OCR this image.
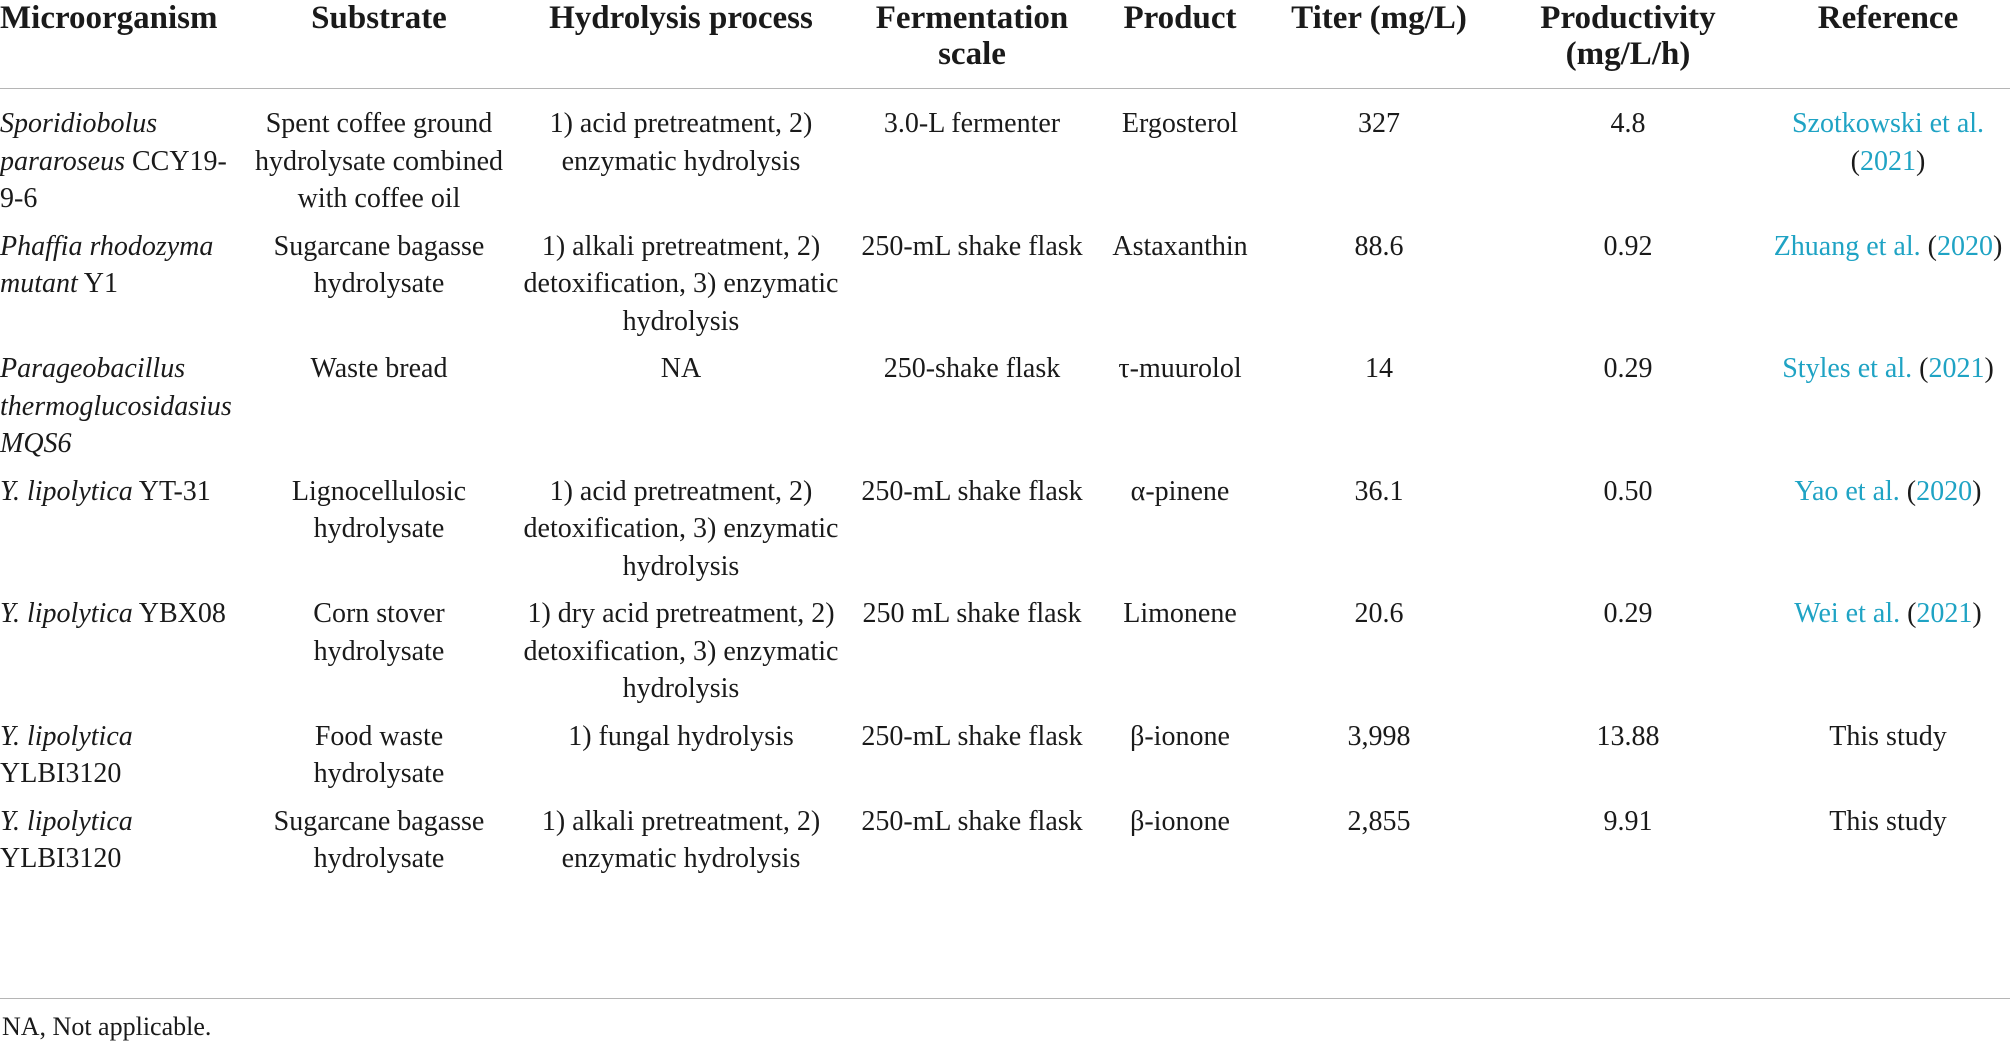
Microorganism	Substrate	Hydrolysis process	Fermentation scale	Product	Titer (mg/L)	Productivity (mg/L/h)	Reference
Sporidiobolus pararoseus CCY19-9-6	Spent coffee ground hydrolysate combined with coffee oil	1) acid pretreatment, 2) enzymatic hydrolysis	3.0-L fermenter	Ergosterol	327	4.8	Szotkowski et al. (2021)
Phaffia rhodozyma mutant Y1	Sugarcane bagasse hydrolysate	1) alkali pretreatment, 2) detoxification, 3) enzymatic hydrolysis	250-mL shake flask	Astaxanthin	88.6	0.92	Zhuang et al. (2020)
Parageobacillus thermoglucosidasius MQS6	Waste bread	NA	250-shake flask	τ-muurolol	14	0.29	Styles et al. (2021)
Y. lipolytica YT-31	Lignocellulosic hydrolysate	1) acid pretreatment, 2) detoxification, 3) enzymatic hydrolysis	250-mL shake flask	α-pinene	36.1	0.50	Yao et al. (2020)
Y. lipolytica YBX08	Corn stover hydrolysate	1) dry acid pretreatment, 2) detoxification, 3) enzymatic hydrolysis	250 mL shake flask	Limonene	20.6	0.29	Wei et al. (2021)
Y. lipolytica YLBI3120	Food waste hydrolysate	1) fungal hydrolysis	250-mL shake flask	β-ionone	3,998	13.88	This study
Y. lipolytica YLBI3120	Sugarcane bagasse hydrolysate	1) alkali pretreatment, 2) enzymatic hydrolysis	250-mL shake flask	β-ionone	2,855	9.91	This study
NA, Not applicable.
